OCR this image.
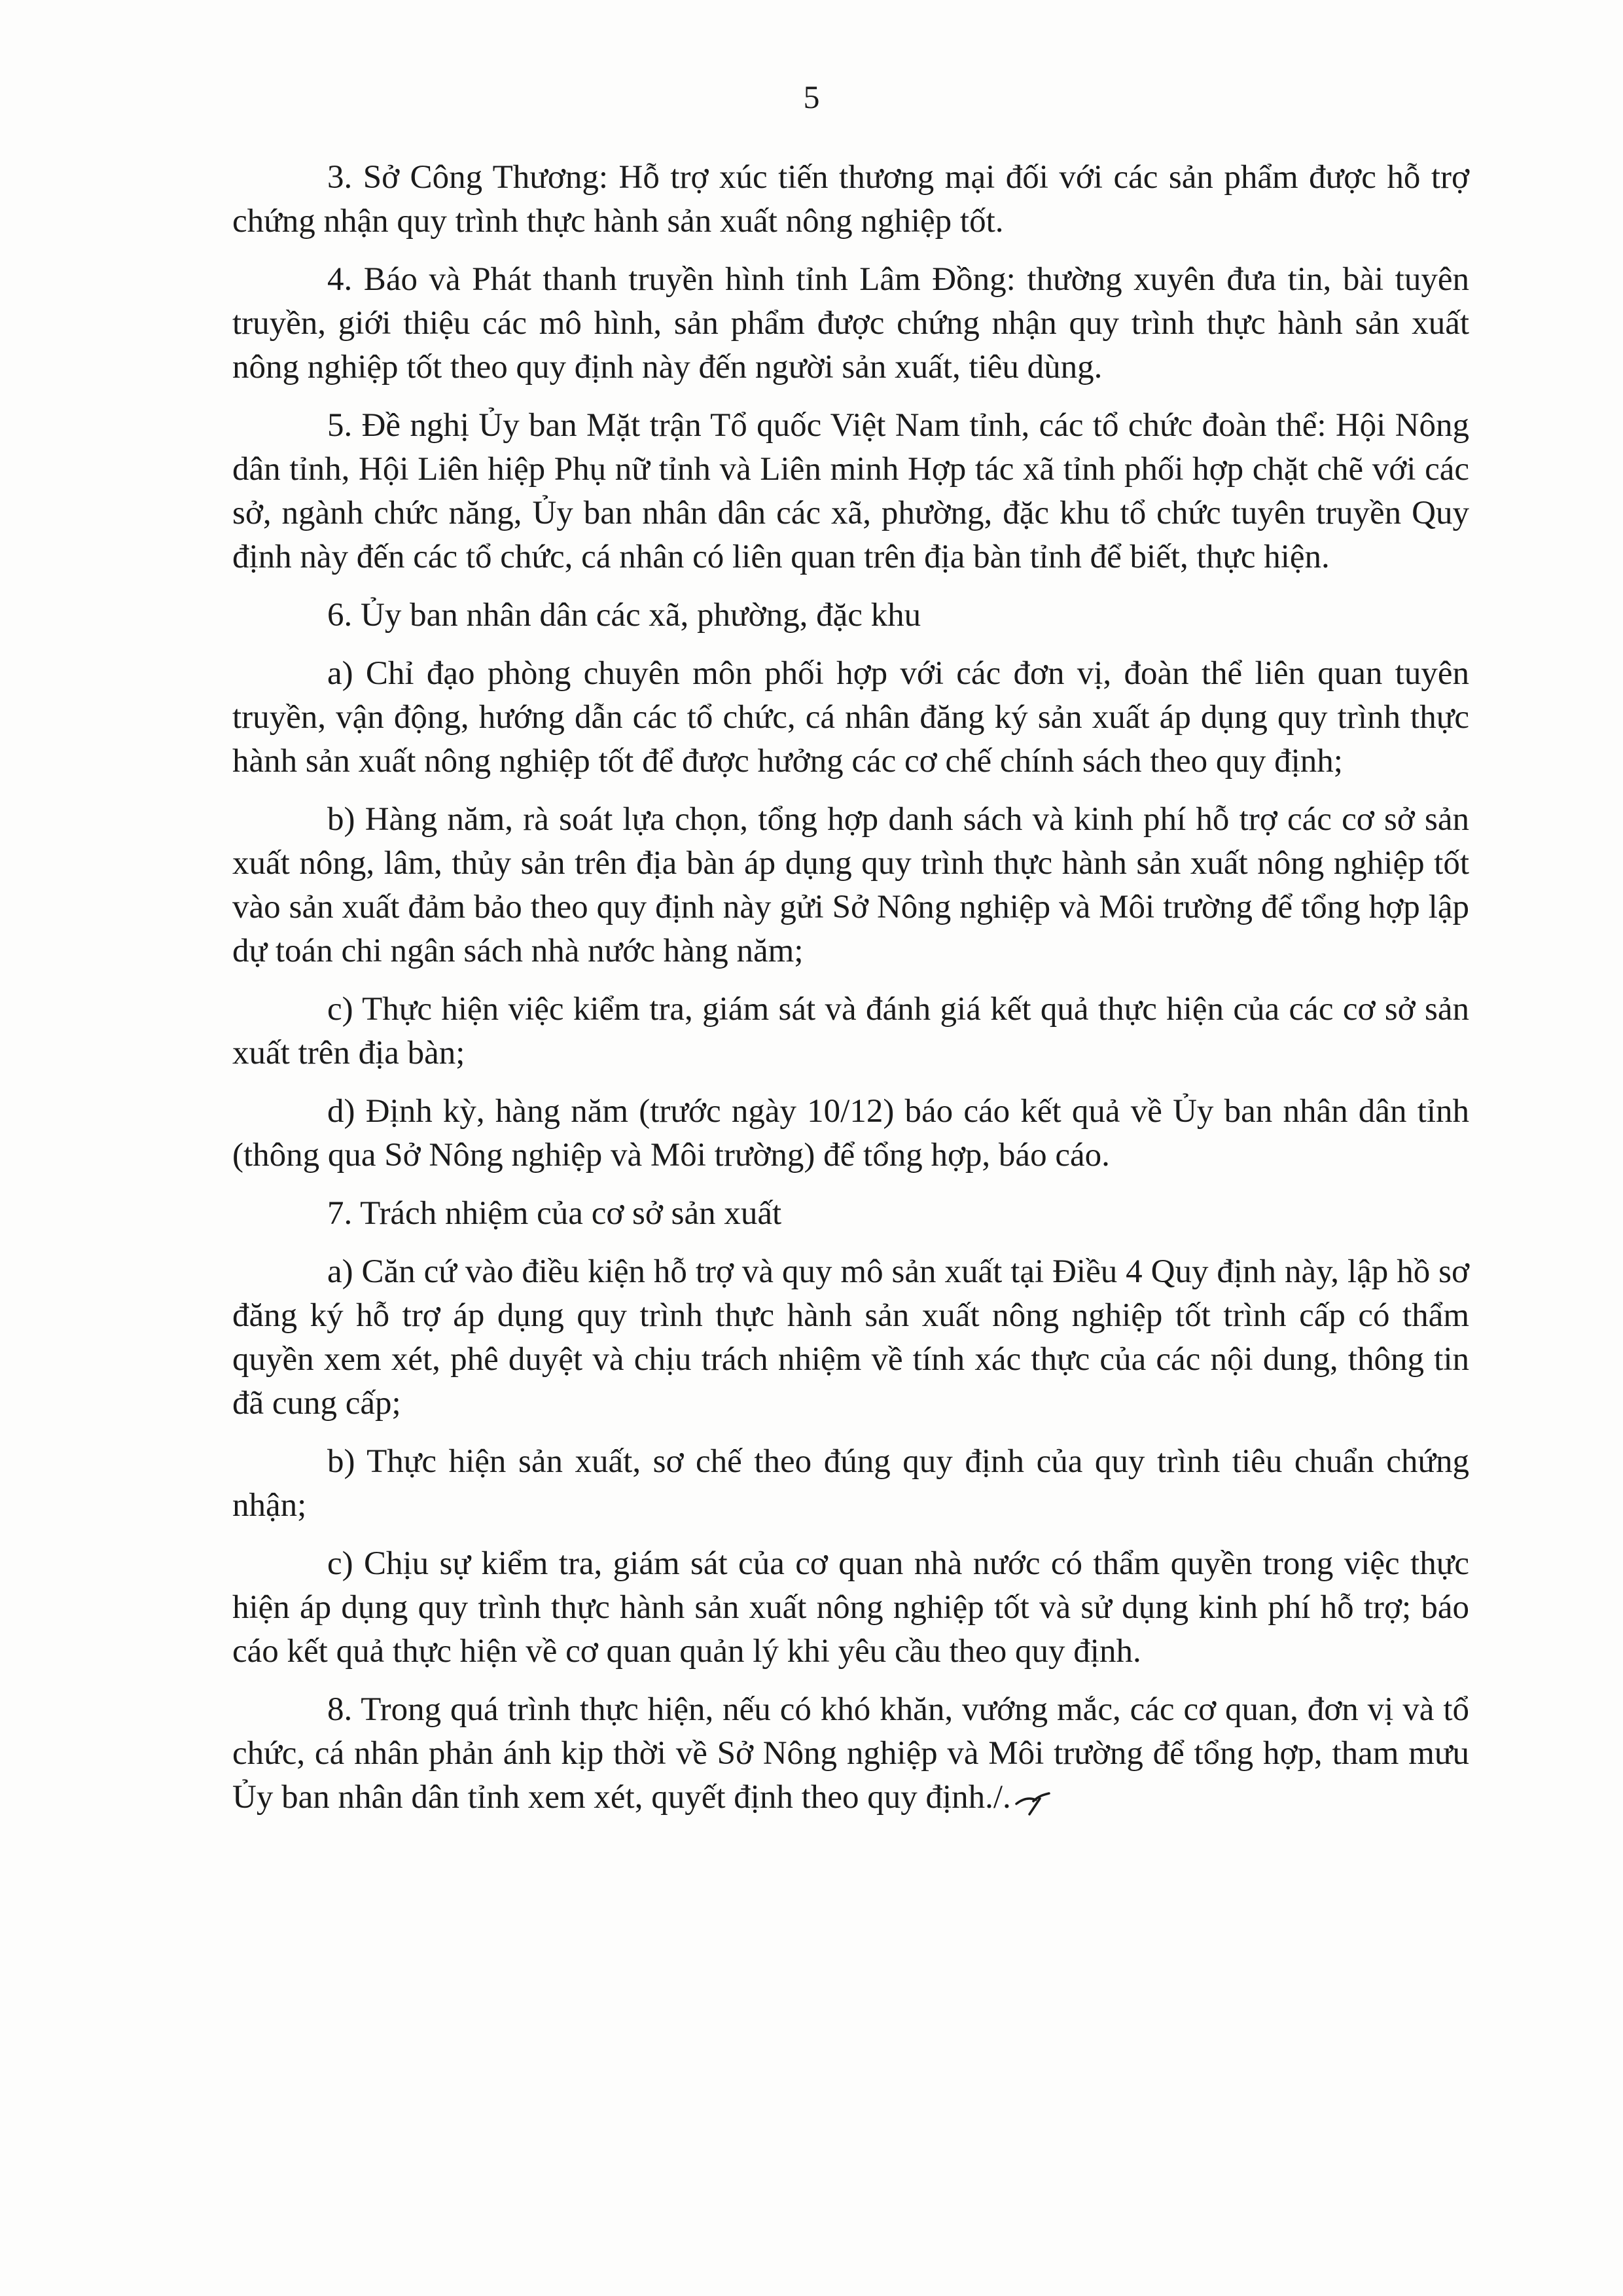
5

3. Sở Công Thương: Hỗ trợ xúc tiến thương mại đối với các sản phẩm được hỗ trợ chứng nhận quy trình thực hành sản xuất nông nghiệp tốt.

4. Báo và Phát thanh truyền hình tỉnh Lâm Đồng: thường xuyên đưa tin, bài tuyên truyền, giới thiệu các mô hình, sản phẩm được chứng nhận quy trình thực hành sản xuất nông nghiệp tốt theo quy định này đến người sản xuất, tiêu dùng.

5. Đề nghị Ủy ban Mặt trận Tổ quốc Việt Nam tỉnh, các tổ chức đoàn thể: Hội Nông dân tỉnh, Hội Liên hiệp Phụ nữ tỉnh và Liên minh Hợp tác xã tỉnh phối hợp chặt chẽ với các sở, ngành chức năng, Ủy ban nhân dân các xã, phường, đặc khu tổ chức tuyên truyền Quy định này đến các tổ chức, cá nhân có liên quan trên địa bàn tỉnh để biết, thực hiện.

6. Ủy ban nhân dân các xã, phường, đặc khu

a) Chỉ đạo phòng chuyên môn phối hợp với các đơn vị, đoàn thể liên quan tuyên truyền, vận động, hướng dẫn các tổ chức, cá nhân đăng ký sản xuất áp dụng quy trình thực hành sản xuất nông nghiệp tốt để được hưởng các cơ chế chính sách theo quy định;

b) Hàng năm, rà soát lựa chọn, tổng hợp danh sách và kinh phí hỗ trợ các cơ sở sản xuất nông, lâm, thủy sản trên địa bàn áp dụng quy trình thực hành sản xuất nông nghiệp tốt vào sản xuất đảm bảo theo quy định này gửi Sở Nông nghiệp và Môi trường để tổng hợp lập dự toán chi ngân sách nhà nước hàng năm;

c) Thực hiện việc kiểm tra, giám sát và đánh giá kết quả thực hiện của các cơ sở sản xuất trên địa bàn;

d) Định kỳ, hàng năm (trước ngày 10/12) báo cáo kết quả về Ủy ban nhân dân tỉnh (thông qua Sở Nông nghiệp và Môi trường) để tổng hợp, báo cáo.

7. Trách nhiệm của cơ sở sản xuất

a) Căn cứ vào điều kiện hỗ trợ và quy mô sản xuất tại Điều 4 Quy định này, lập hồ sơ đăng ký hỗ trợ áp dụng quy trình thực hành sản xuất nông nghiệp tốt trình cấp có thẩm quyền xem xét, phê duyệt và chịu trách nhiệm về tính xác thực của các nội dung, thông tin đã cung cấp;

b) Thực hiện sản xuất, sơ chế theo đúng quy định của quy trình tiêu chuẩn chứng nhận;

c) Chịu sự kiểm tra, giám sát của cơ quan nhà nước có thẩm quyền trong việc thực hiện áp dụng quy trình thực hành sản xuất nông nghiệp tốt và sử dụng kinh phí hỗ trợ; báo cáo kết quả thực hiện về cơ quan quản lý khi yêu cầu theo quy định.

8. Trong quá trình thực hiện, nếu có khó khăn, vướng mắc, các cơ quan, đơn vị và tổ chức, cá nhân phản ánh kịp thời về Sở Nông nghiệp và Môi trường để tổng hợp, tham mưu Ủy ban nhân dân tỉnh xem xét, quyết định theo quy định./.
